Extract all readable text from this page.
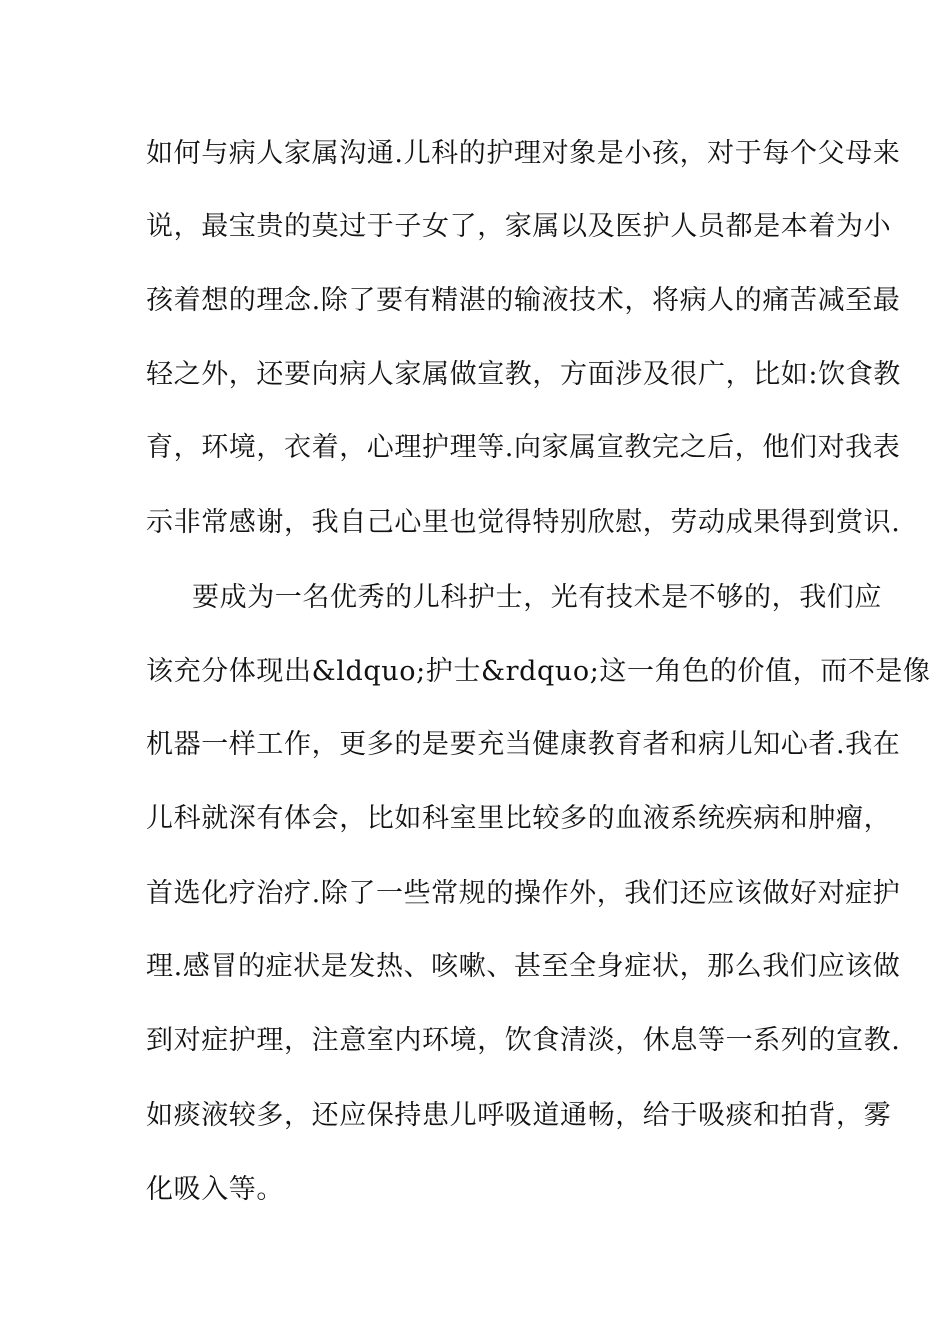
如何与病人家属沟通.儿科的护理对象是小孩，对于每个父母来
说，最宝贵的莫过于子女了，家属以及医护人员都是本着为小
孩着想的理念.除了要有精湛的输液技术，将病人的痛苦减至最
轻之外，还要向病人家属做宣教，方面涉及很广，比如:饮食教
育，环境，衣着，心理护理等.向家属宣教完之后，他们对我表
示非常感谢，我自己心里也觉得特别欣慰，劳动成果得到赏识.
要成为一名优秀的儿科护士，光有技术是不够的，我们应
该充分体现出&ldquo;护士&rdquo;这一角色的价值，而不是像
机器一样工作，更多的是要充当健康教育者和病儿知心者.我在
儿科就深有体会，比如科室里比较多的血液系统疾病和肿瘤，
首选化疗治疗.除了一些常规的操作外，我们还应该做好对症护
理.感冒的症状是发热、咳嗽、甚至全身症状，那么我们应该做
到对症护理，注意室内环境，饮食清淡，休息等一系列的宣教.
如痰液较多，还应保持患儿呼吸道通畅，给于吸痰和拍背，雾
化吸入等。
